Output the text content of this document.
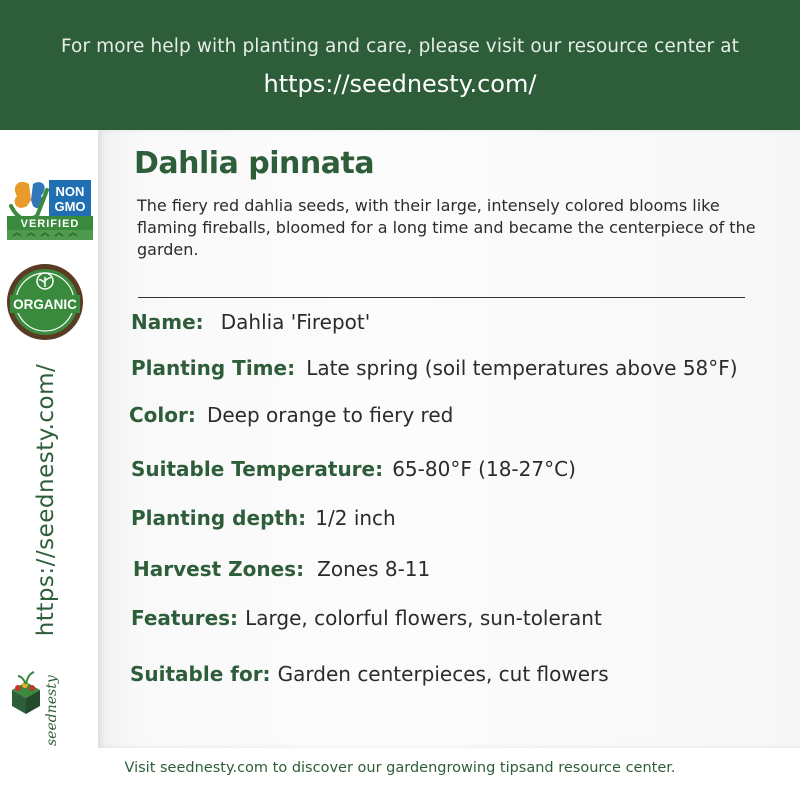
For more help with planting and care, please visit our resource center at
https://seednesty.com/
NON
GMO
VERIFIED
ORGANIC
https://seednesty.com/
seednesty
Dahlia pinnata
The fiery red dahlia seeds, with their large, intensely colored blooms like flaming fireballs, bloomed for a long time and became the centerpiece of the garden.
Name: Dahlia 'Firepot'
Planting Time: Late spring (soil temperatures above 58°F)
Color: Deep orange to fiery red
Suitable Temperature: 65-80°F (18-27°C)
Planting depth: 1/2 inch
Harvest Zones: Zones 8-11
Features: Large, colorful flowers, sun-tolerant
Suitable for: Garden centerpieces, cut flowers
Visit seednesty.com to discover our gardengrowing tipsand resource center.
